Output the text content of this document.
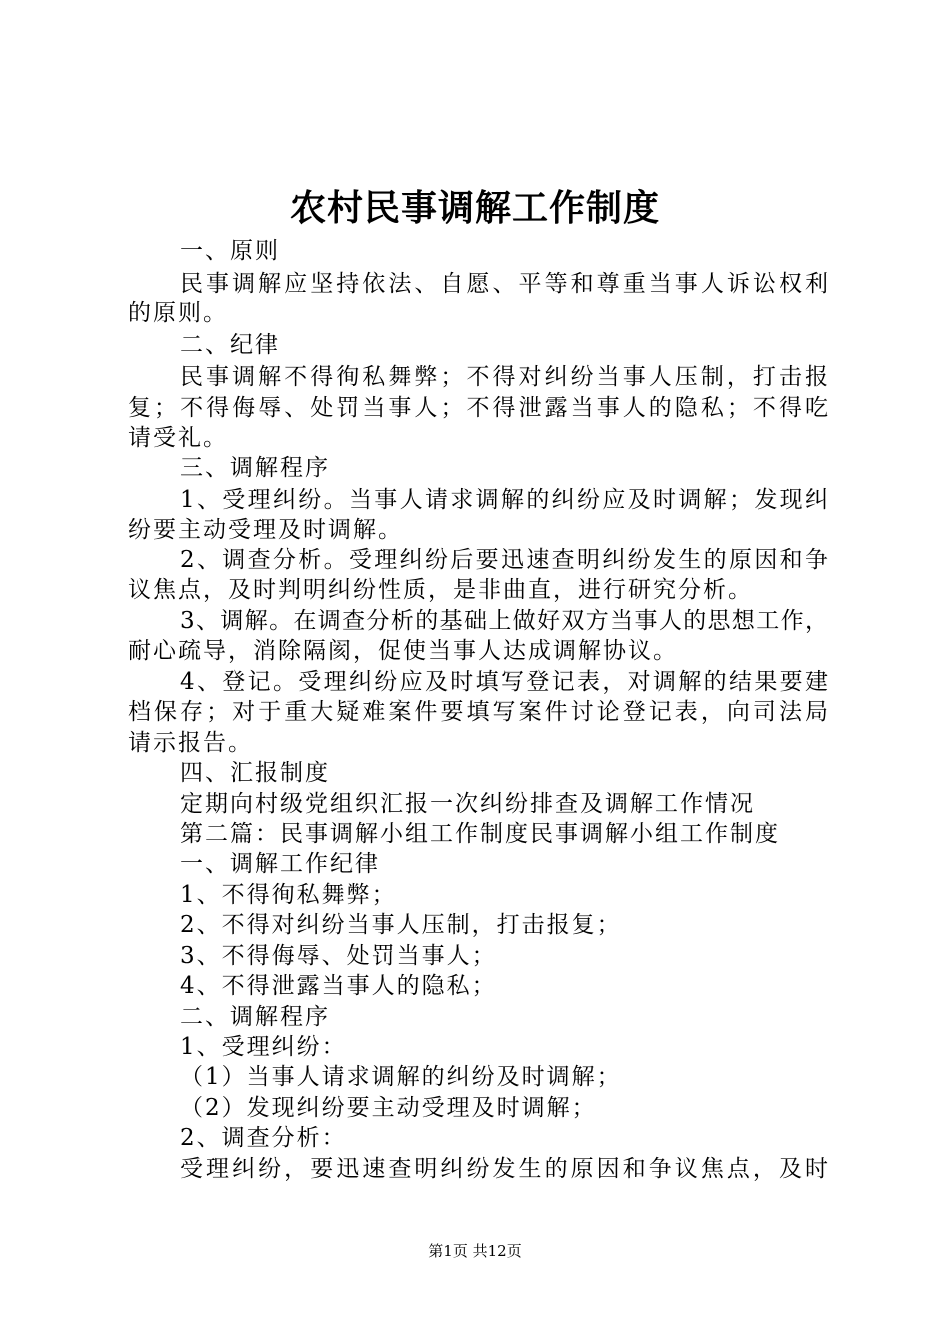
农村民事调解工作制度

一、原则

民事调解应坚持依法、自愿、平等和尊重当事人诉讼权利

的原则。

二、纪律

民事调解不得徇私舞弊；不得对纠纷当事人压制，打击报

复；不得侮辱、处罚当事人；不得泄露当事人的隐私；不得吃

请受礼。

三、调解程序

1、受理纠纷。当事人请求调解的纠纷应及时调解；发现纠

纷要主动受理及时调解。

2、调查分析。受理纠纷后要迅速查明纠纷发生的原因和争

议焦点，及时判明纠纷性质，是非曲直，进行研究分析。

3、调解。在调查分析的基础上做好双方当事人的思想工作，

耐心疏导，消除隔阂，促使当事人达成调解协议。

4、登记。受理纠纷应及时填写登记表，对调解的结果要建

档保存；对于重大疑难案件要填写案件讨论登记表，向司法局

请示报告。

四、汇报制度

定期向村级党组织汇报一次纠纷排查及调解工作情况

第二篇：民事调解小组工作制度民事调解小组工作制度

一、调解工作纪律

1、不得徇私舞弊；

2、不得对纠纷当事人压制，打击报复；

3、不得侮辱、处罚当事人；

4、不得泄露当事人的隐私；

二、调解程序

1、受理纠纷：

（1）当事人请求调解的纠纷及时调解；

（2）发现纠纷要主动受理及时调解；

2、调查分析：

受理纠纷，要迅速查明纠纷发生的原因和争议焦点，及时

第1页 共12页
